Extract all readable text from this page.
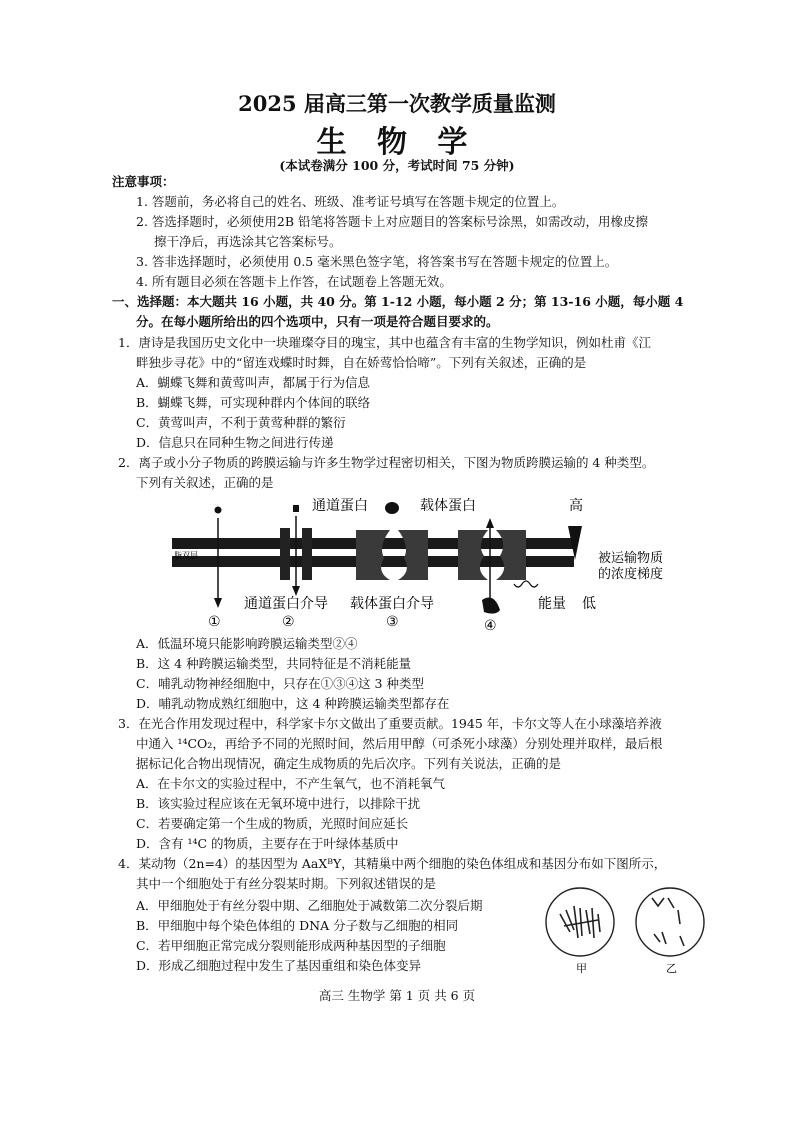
2025 届高三第一次教学质量监测
生 物 学
(本试卷满分 100 分，考试时间 75 分钟)
注意事项：
1. 答题前，务必将自己的姓名、班级、准考证号填写在答题卡规定的位置上。
2. 答选择题时，必须使用2B 铅笔将答题卡上对应题目的答案标号涂黑，如需改动，用橡皮擦
擦干净后，再选涂其它答案标号。
3. 答非选择题时，必须使用 0.5 毫米黑色签字笔，将答案书写在答题卡规定的位置上。
4. 所有题目必须在答题卡上作答，在试题卷上答题无效。
一、选择题：本大题共 16 小题，共 40 分。第 1-12 小题，每小题 2 分；第 13-16 小题，每小题 4
分。在每小题所给出的四个选项中，只有一项是符合题目要求的。
1．唐诗是我国历史文化中一块璀璨夺目的瑰宝，其中也蕴含有丰富的生物学知识，例如杜甫《江
畔独步寻花》中的“留连戏蝶时时舞，自在娇莺恰恰啼”。下列有关叙述，正确的是
A．蝴蝶飞舞和黄莺叫声，都属于行为信息
B．蝴蝶飞舞，可实现种群内个体间的联络
C．黄莺叫声，不利于黄莺种群的繁衍
D．信息只在同种生物之间进行传递
2．离子或小分子物质的跨膜运输与许多生物学过程密切相关，下图为物质跨膜运输的 4 种类型。
下列有关叙述，正确的是
脂双层
通道蛋白	载体蛋白	高
被运输物质
的浓度梯度
通道蛋白介导 载体蛋白介导	能量 低
①	②	③	④
A．低温环境只能影响跨膜运输类型②④
B．这 4 种跨膜运输类型，共同特征是不消耗能量
C．哺乳动物神经细胞中，只存在①③④这 3 种类型
D．哺乳动物成熟红细胞中，这 4 种跨膜运输类型都存在
3．在光合作用发现过程中，科学家卡尔文做出了重要贡献。1945 年，卡尔文等人在小球藻培养液
中通入 ¹⁴CO₂，再给予不同的光照时间，然后用甲醇（可杀死小球藻）分别处理并取样，最后根
据标记化合物出现情况，确定生成物质的先后次序。下列有关说法，正确的是
A．在卡尔文的实验过程中，不产生氧气，也不消耗氧气
B．该实验过程应该在无氧环境中进行，以排除干扰
C．若要确定第一个生成的物质，光照时间应延长
D．含有 ¹⁴C 的物质，主要存在于叶绿体基质中
4．某动物（2n=4）的基因型为 AaXᴮY，其精巢中两个细胞的染色体组成和基因分布如下图所示，
其中一个细胞处于有丝分裂某时期。下列叙述错误的是
A．甲细胞处于有丝分裂中期、乙细胞处于减数第二次分裂后期
B．甲细胞中每个染色体组的 DNA 分子数与乙细胞的相同
C．若甲细胞正常完成分裂则能形成两种基因型的子细胞
D．形成乙细胞过程中发生了基因重组和染色体变异	甲	乙
高三 生物学 第 1 页 共 6 页
